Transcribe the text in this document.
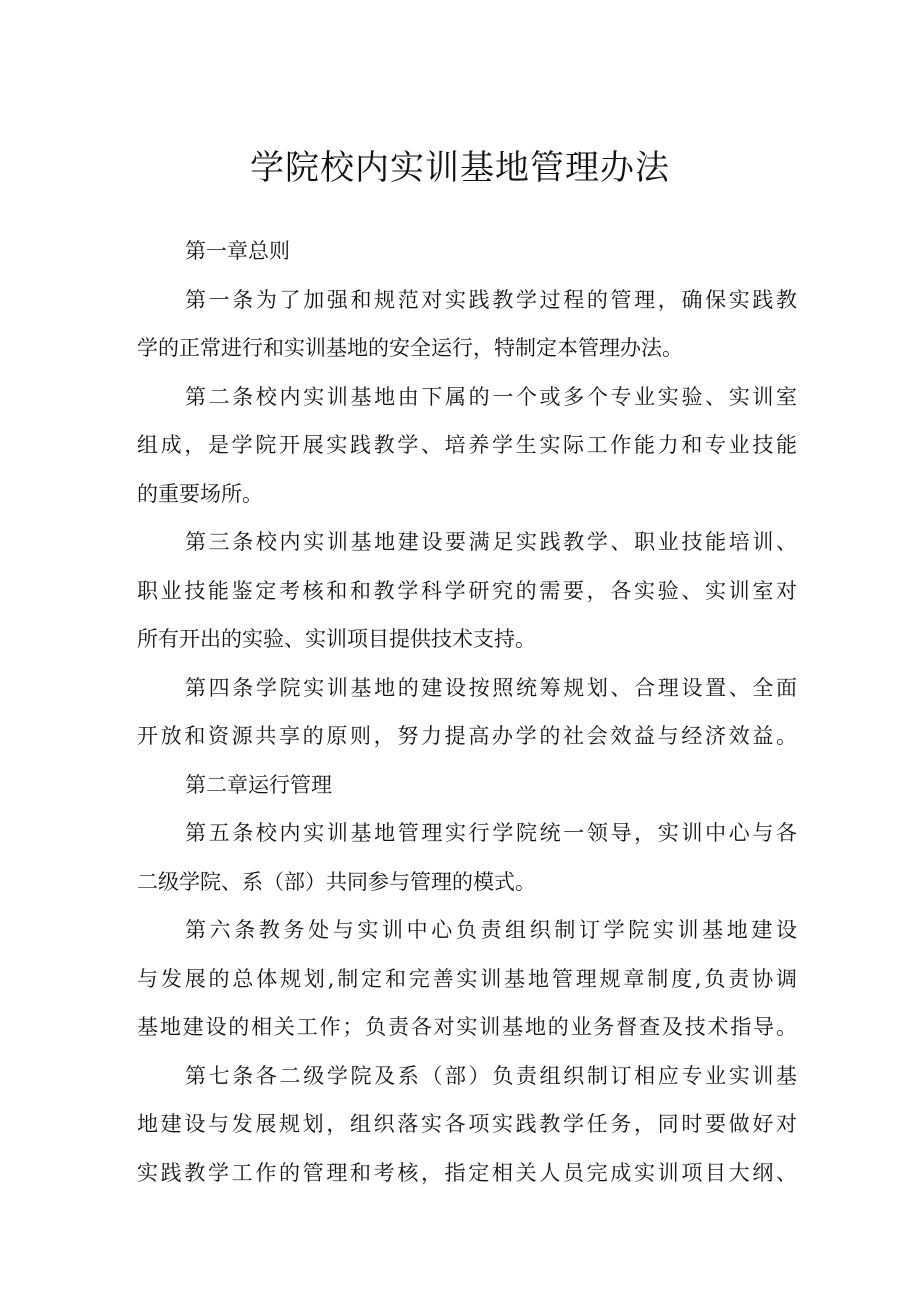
学院校内实训基地管理办法
第一章总则
第一条为了加强和规范对实践教学过程的管理，确保实践教
学的正常进行和实训基地的安全运行，特制定本管理办法。
第二条校内实训基地由下属的一个或多个专业实验、实训室
组成，是学院开展实践教学、培养学生实际工作能力和专业技能
的重要场所。
第三条校内实训基地建设要满足实践教学、职业技能培训、
职业技能鉴定考核和和教学科学研究的需要，各实验、实训室对
所有开出的实验、实训项目提供技术支持。
第四条学院实训基地的建设按照统筹规划、合理设置、全面
开放和资源共享的原则，努力提高办学的社会效益与经济效益。
第二章运行管理
第五条校内实训基地管理实行学院统一领导，实训中心与各
二级学院、系（部）共同参与管理的模式。
第六条教务处与实训中心负责组织制订学院实训基地建设
与发展的总体规划,制定和完善实训基地管理规章制度,负责协调
基地建设的相关工作；负责各对实训基地的业务督查及技术指导。
第七条各二级学院及系（部）负责组织制订相应专业实训基
地建设与发展规划，组织落实各项实践教学任务，同时要做好对
实践教学工作的管理和考核，指定相关人员完成实训项目大纲、
